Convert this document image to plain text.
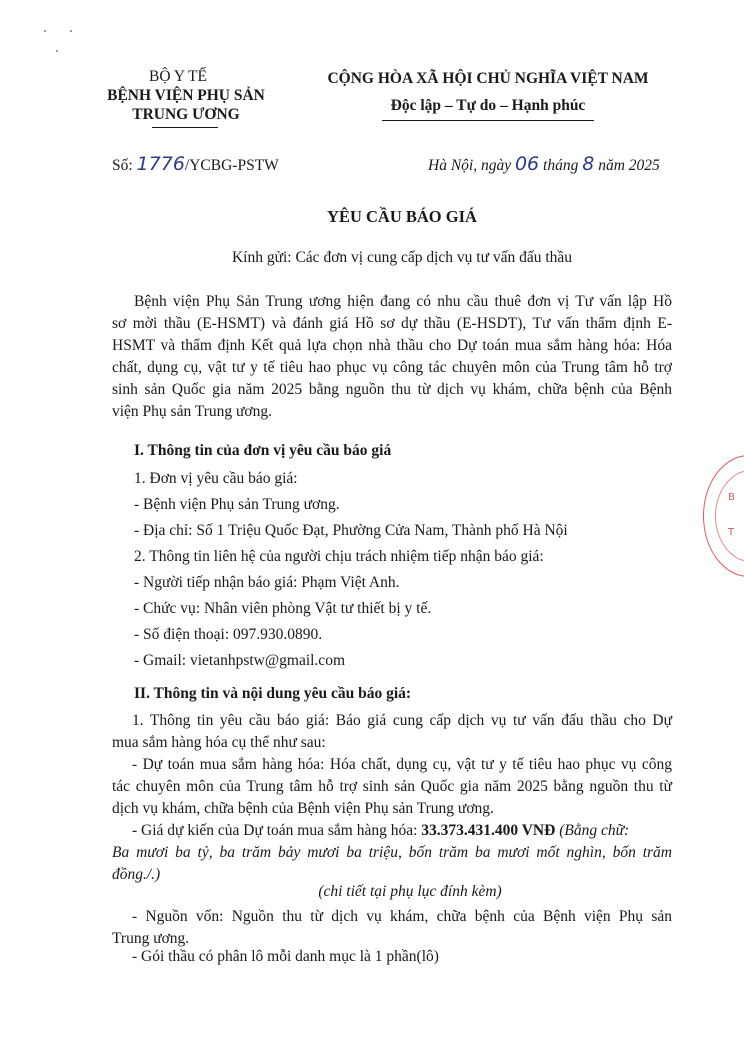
BỘ Y TẾ
BỆNH VIỆN PHỤ SẢN
TRUNG ƯƠNG
CỘNG HÒA XÃ HỘI CHỦ NGHĨA VIỆT NAM
Độc lập – Tự do – Hạnh phúc
Số: 1776/YCBG-PSTW	Hà Nội, ngày 06 tháng 8 năm 2025
YÊU CẦU BÁO GIÁ
Kính gửi: Các đơn vị cung cấp dịch vụ tư vấn đấu thầu
Bệnh viện Phụ Sản Trung ương hiện đang có nhu cầu thuê đơn vị Tư vấn lập Hồ
sơ mời thầu (E-HSMT) và đánh giá Hồ sơ dự thầu (E-HSDT), Tư vấn thẩm định E-
HSMT và thẩm định Kết quả lựa chọn nhà thầu cho Dự toán mua sắm hàng hóa: Hóa
chất, dụng cụ, vật tư y tế tiêu hao phục vụ công tác chuyên môn của Trung tâm hỗ trợ
sinh sản Quốc gia năm 2025 bằng nguồn thu từ dịch vụ khám, chữa bệnh của Bệnh
viện Phụ sản Trung ương.
I. Thông tin của đơn vị yêu cầu báo giá
1. Đơn vị yêu cầu báo giá:
- Bệnh viện Phụ sản Trung ương.
- Địa chỉ: Số 1 Triệu Quốc Đạt, Phường Cửa Nam, Thành phố Hà Nội
2. Thông tin liên hệ của người chịu trách nhiệm tiếp nhận báo giá:
- Người tiếp nhận báo giá: Phạm Việt Anh.
- Chức vụ: Nhân viên phòng Vật tư thiết bị y tế.
- Số điện thoại: 097.930.0890.
- Gmail: vietanhpstw@gmail.com
II. Thông tin và nội dung yêu cầu báo giá:
1. Thông tin yêu cầu báo giá: Báo giá cung cấp dịch vụ tư vấn đấu thầu cho Dự
mua sắm hàng hóa cụ thể như sau:
- Dự toán mua sắm hàng hóa: Hóa chất, dụng cụ, vật tư y tế tiêu hao phục vụ công
tác chuyên môn của Trung tâm hỗ trợ sinh sản Quốc gia năm 2025 bằng nguồn thu từ
dịch vụ khám, chữa bệnh của Bệnh viện Phụ sản Trung ương.
- Giá dự kiến của Dự toán mua sắm hàng hóa: 33.373.431.400 VNĐ (Bằng chữ:
Ba mươi ba tỷ, ba trăm bảy mươi ba triệu, bốn trăm ba mươi mốt nghìn, bốn trăm
đồng./.)
(chi tiết tại phụ lục đính kèm)
- Nguồn vốn: Nguồn thu từ dịch vụ khám, chữa bệnh của Bệnh viện Phụ sản
Trung ương.
- Gói thầu có phân lô mỗi danh mục là 1 phần(lô)
B
T
